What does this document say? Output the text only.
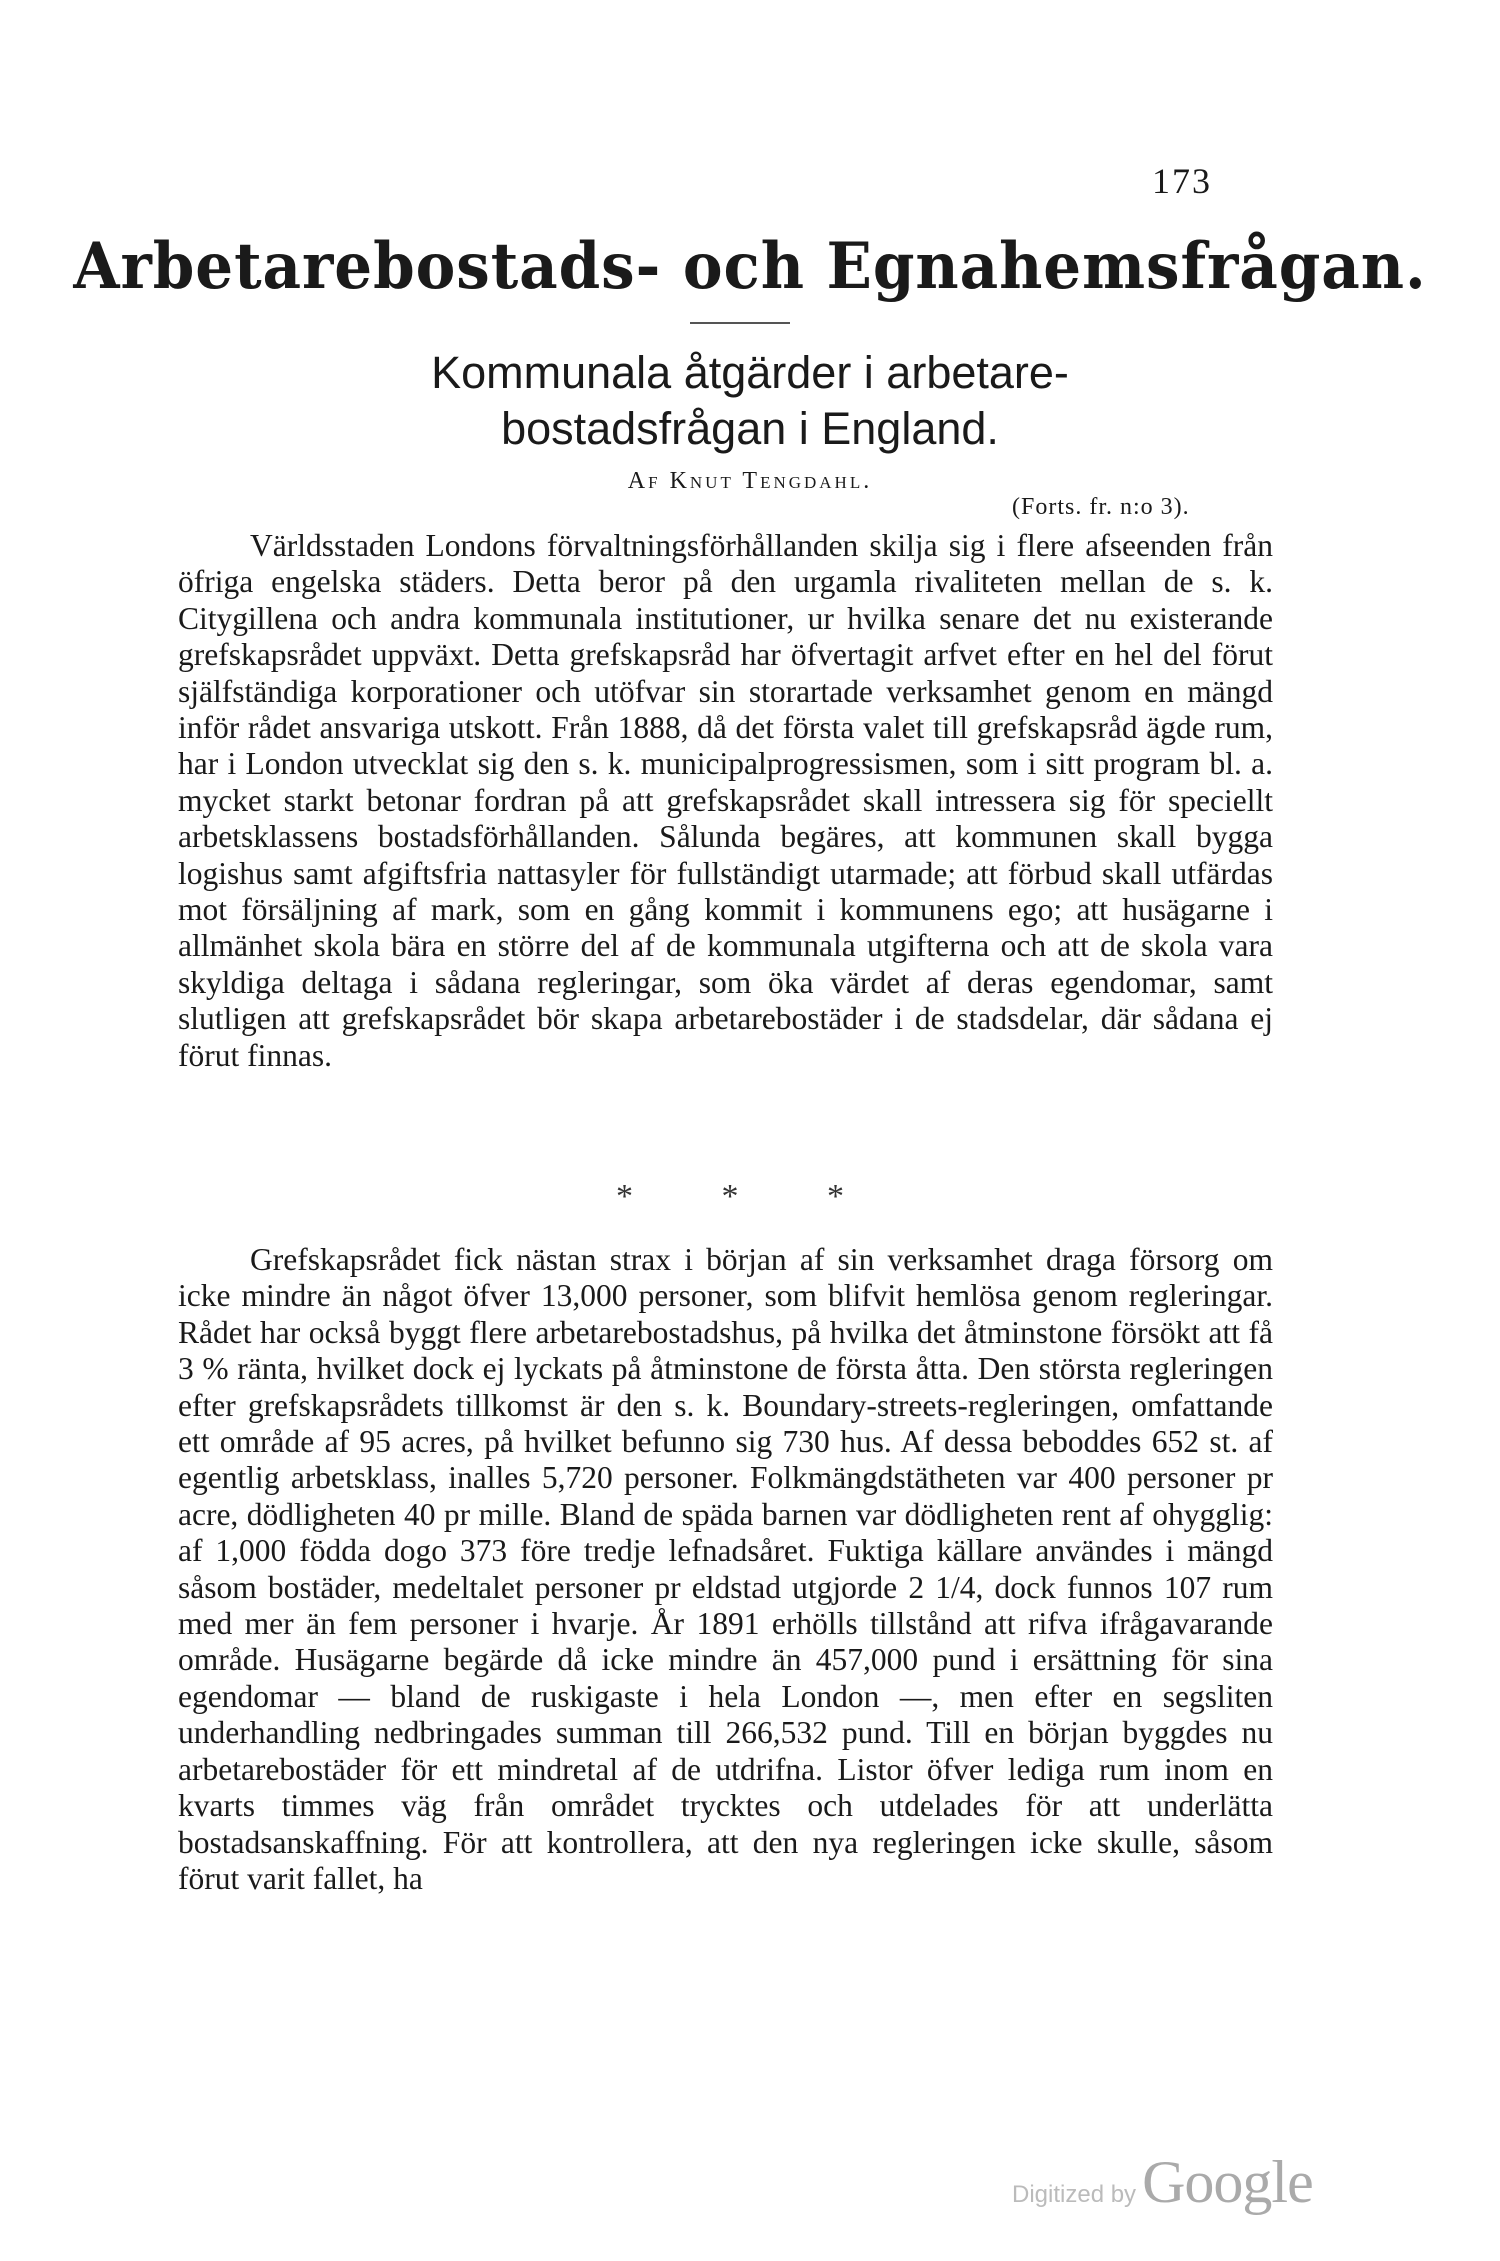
173
Arbetarebostads- och Egnahemsfrågan.
Kommunala åtgärder i arbetare-
bostadsfrågan i England.
Af Knut Tengdahl.
(Forts. fr. n:o 3).

Världsstaden Londons förvaltningsförhållanden skilja sig i flere afseenden från öfriga engelska städers. Detta beror på den urgamla rivaliteten mellan de s. k. Citygillena och andra kommunala institutioner, ur hvilka senare det nu existerande grefskapsrådet uppväxt. Detta grefskapsråd har öfvertagit arfvet efter en hel del förut själfständiga korporationer och utöfvar sin storartade verksamhet genom en mängd inför rådet ansvariga utskott. Från 1888, då det första valet till grefskapsråd ägde rum, har i London utvecklat sig den s. k. municipalprogressismen, som i sitt program bl. a. mycket starkt betonar fordran på att grefskapsrådet skall intressera sig för speciellt arbetsklassens bostadsförhållanden. Sålunda begäres, att kommunen skall bygga logishus samt afgiftsfria nattasyler för fullständigt utarmade; att förbud skall utfärdas mot försäljning af mark, som en gång kommit i kommunens ego; att husägarne i allmänhet skola bära en större del af de kommunala utgifterna och att de skola vara skyldiga deltaga i sådana regleringar, som öka värdet af deras egendomar, samt slutligen att grefskapsrådet bör skapa arbetarebostäder i de stadsdelar, där sådana ej förut finnas.

* * *

Grefskapsrådet fick nästan strax i början af sin verksamhet draga försorg om icke mindre än något öfver 13,000 personer, som blifvit hemlösa genom regleringar. Rådet har också byggt flere arbetarebostadshus, på hvilka det åtminstone försökt att få 3 % ränta, hvilket dock ej lyckats på åtminstone de första åtta. Den största regleringen efter grefskapsrådets tillkomst är den s. k. Boundary-streets-regleringen, omfattande ett område af 95 acres, på hvilket befunno sig 730 hus. Af dessa beboddes 652 st. af egentlig arbetsklass, inalles 5,720 personer. Folkmängdstätheten var 400 personer pr acre, dödligheten 40 pr mille. Bland de späda barnen var dödligheten rent af ohygglig: af 1,000 födda dogo 373 före tredje lefnadsåret. Fuktiga källare användes i mängd såsom bostäder, medeltalet personer pr eldstad utgjorde 2 1/4, dock funnos 107 rum med mer än fem personer i hvarje. År 1891 erhölls tillstånd att rifva ifrågavarande område. Husägarne begärde då icke mindre än 457,000 pund i ersättning för sina egendomar — bland de ruskigaste i hela London —, men efter en segsliten underhandling nedbringades summan till 266,532 pund. Till en början byggdes nu arbetarebostäder för ett mindretal af de utdrifna. Listor öfver lediga rum inom en kvarts timmes väg från området trycktes och utdelades för att underlätta bostadsanskaffning. För att kontrollera, att den nya regleringen icke skulle, såsom förut varit fallet, ha

Digitized by Google
